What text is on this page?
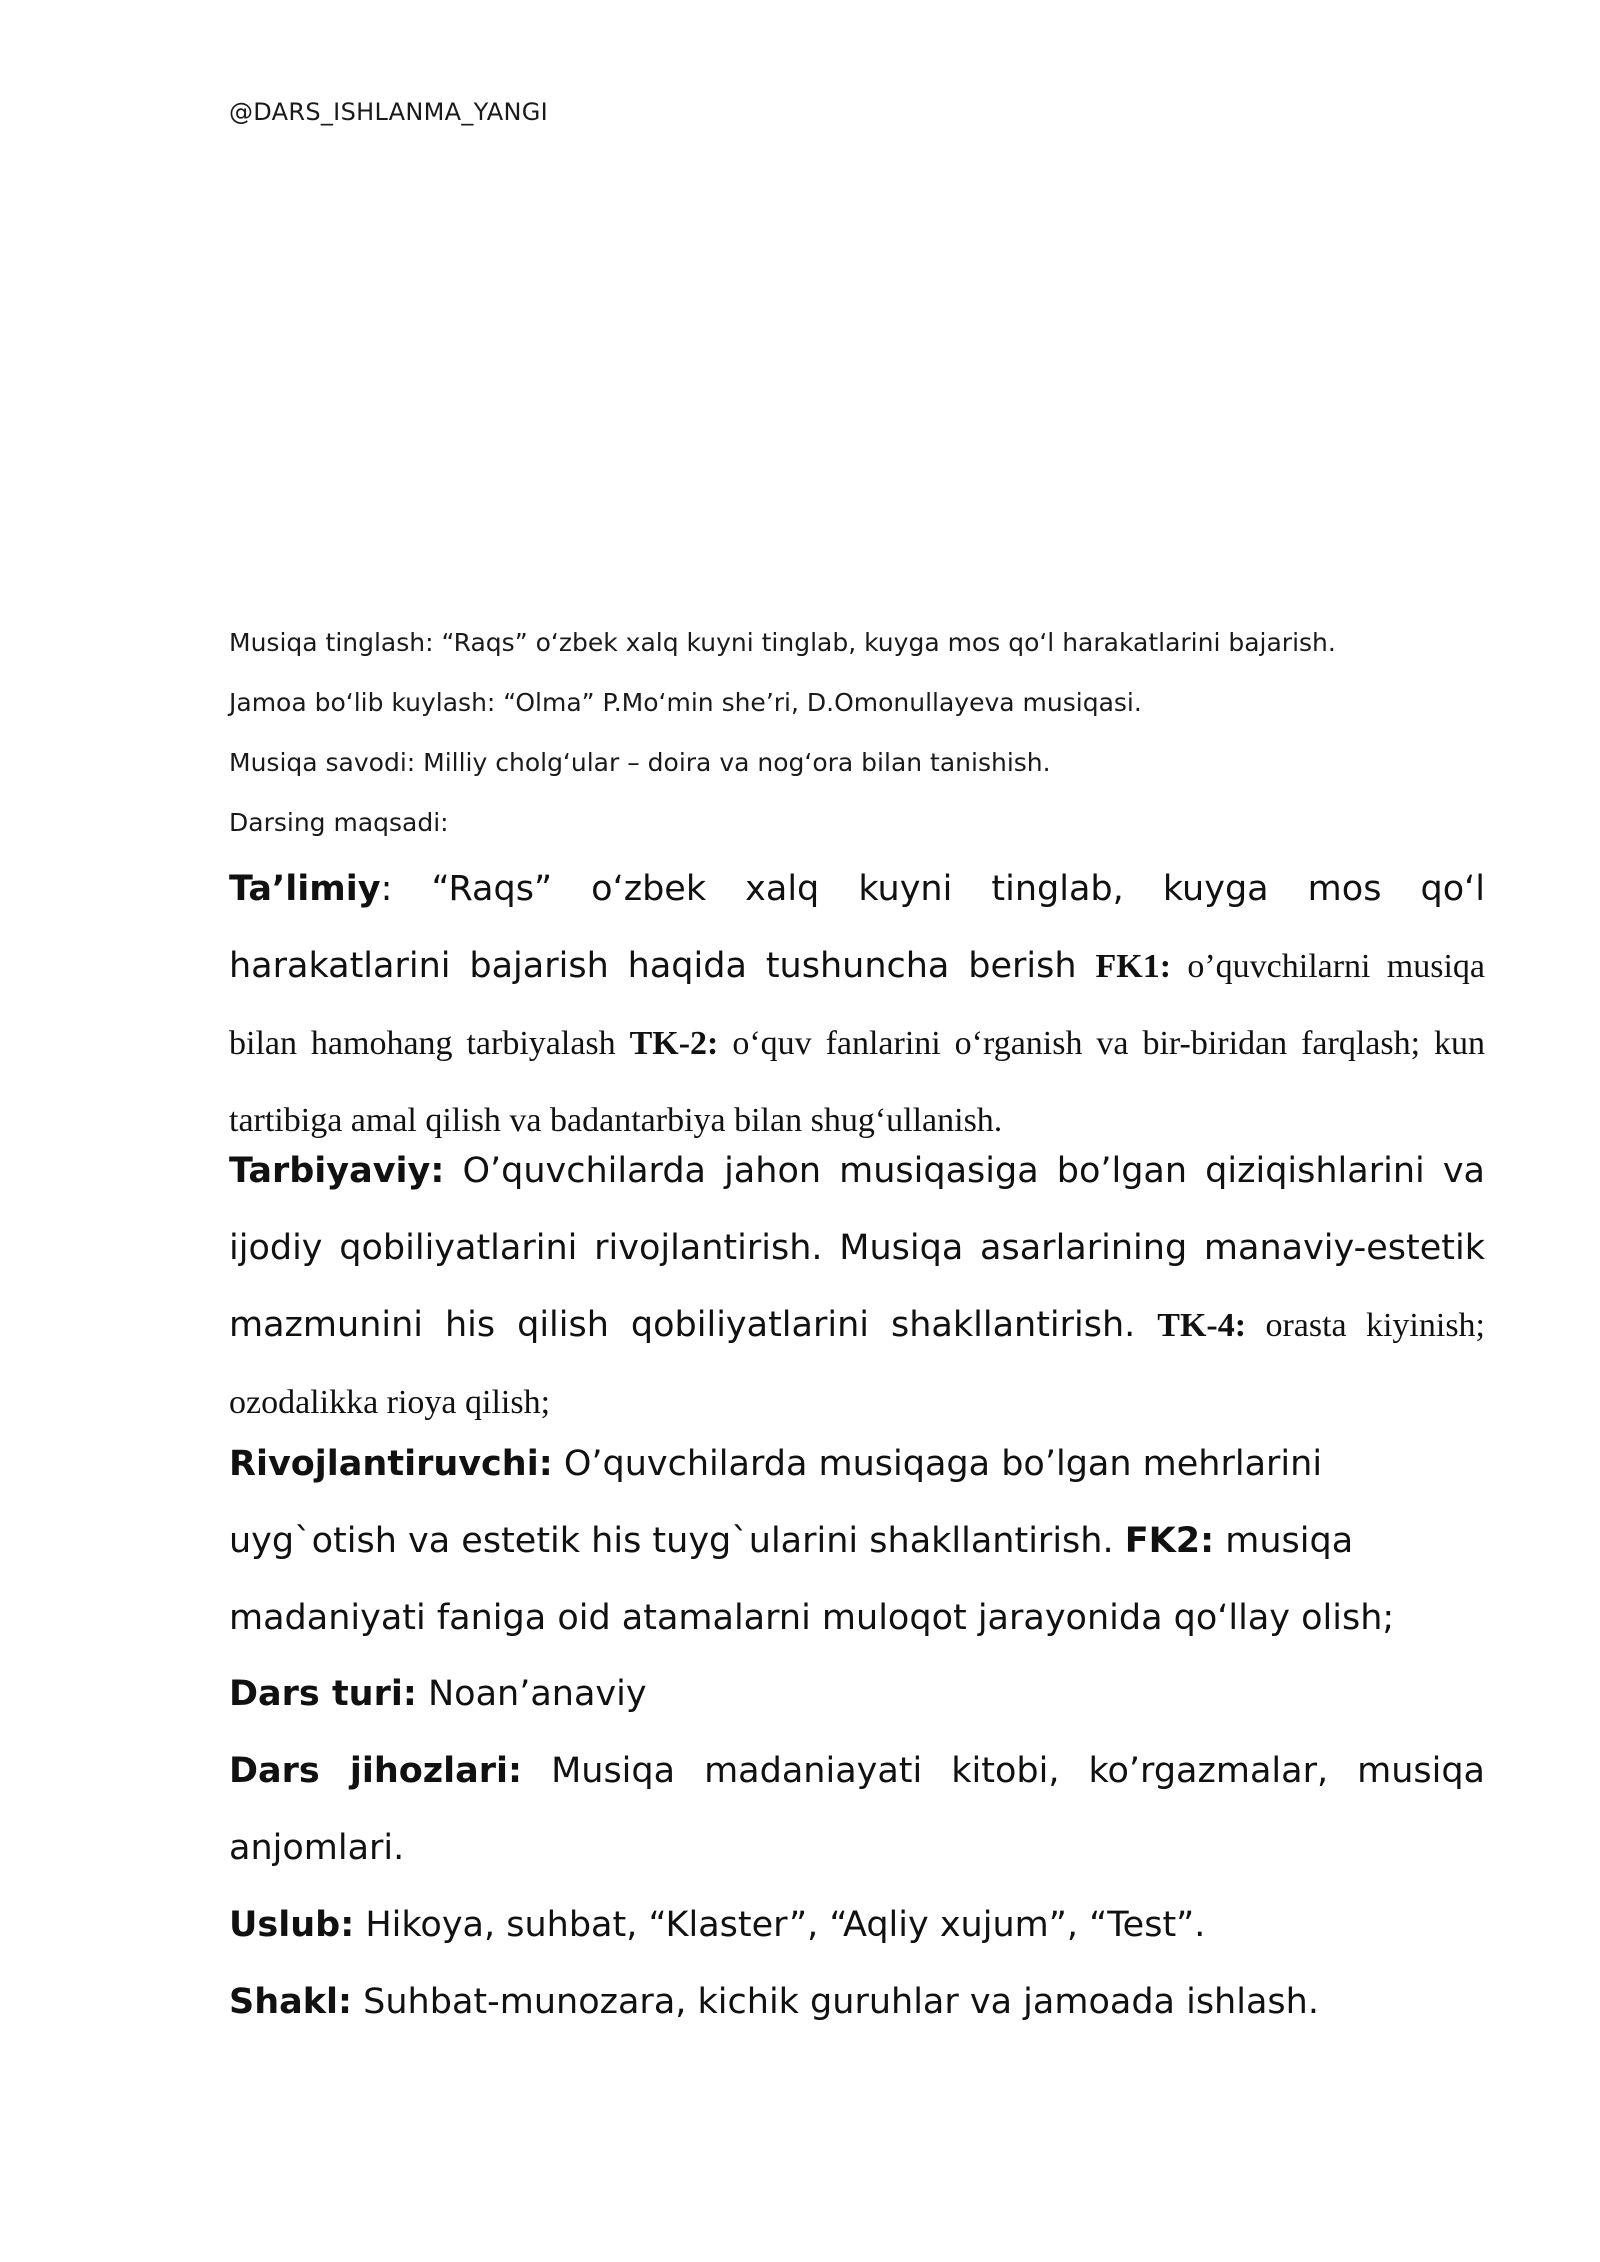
@DARS_ISHLANMA_YANGI
Musiqa tinglash: “Raqs” oʻzbek xalq kuyni tinglab, kuyga mos qoʻl harakatlarini bajarish.
Jamoa boʻlib kuylash: “Olma” P.Moʻmin she’ri, D.Omonullayeva musiqasi.
Musiqa savodi: Milliy cholgʻular – doira va nogʻora bilan tanishish.
Darsing maqsadi:
Ta’limiy: “Raqs” o‘zbek xalq kuyni tinglab, kuyga mos qo‘l harakatlarini bajarish haqida tushuncha berish FK1: o’quvchilarni musiqa bilan hamohang tarbiyalash TK-2: oʻquv fanlarini oʻrganish va bir-biridan farqlash; kun tartibiga amal qilish va badantarbiya bilan shugʻullanish.
Tarbiyaviy: O’quvchilarda jahon musiqasiga bo’lgan qiziqishlarini va ijodiy qobiliyatlarini rivojlantirish. Musiqa asarlarining manaviy-estetik mazmunini his qilish qobiliyatlarini shakllantirish. TK-4: orasta kiyinish; ozodalikka rioya qilish;
Rivojlantiruvchi: O’quvchilarda musiqaga bo’lgan mehrlarini uyg`otish va estetik his tuyg`ularini shakllantirish. FK2: musiqa madaniyati faniga oid atamalarni muloqot jarayonida qoʻllay olish;
Dars turi: Noan’anaviy
Dars jihozlari: Musiqa madaniayati kitobi, ko’rgazmalar, musiqa anjomlari.
Uslub: Hikoya, suhbat, “Klaster”, “Aqliy xujum”, “Test”.
Shakl: Suhbat-munozara, kichik guruhlar va jamoada ishlash.
